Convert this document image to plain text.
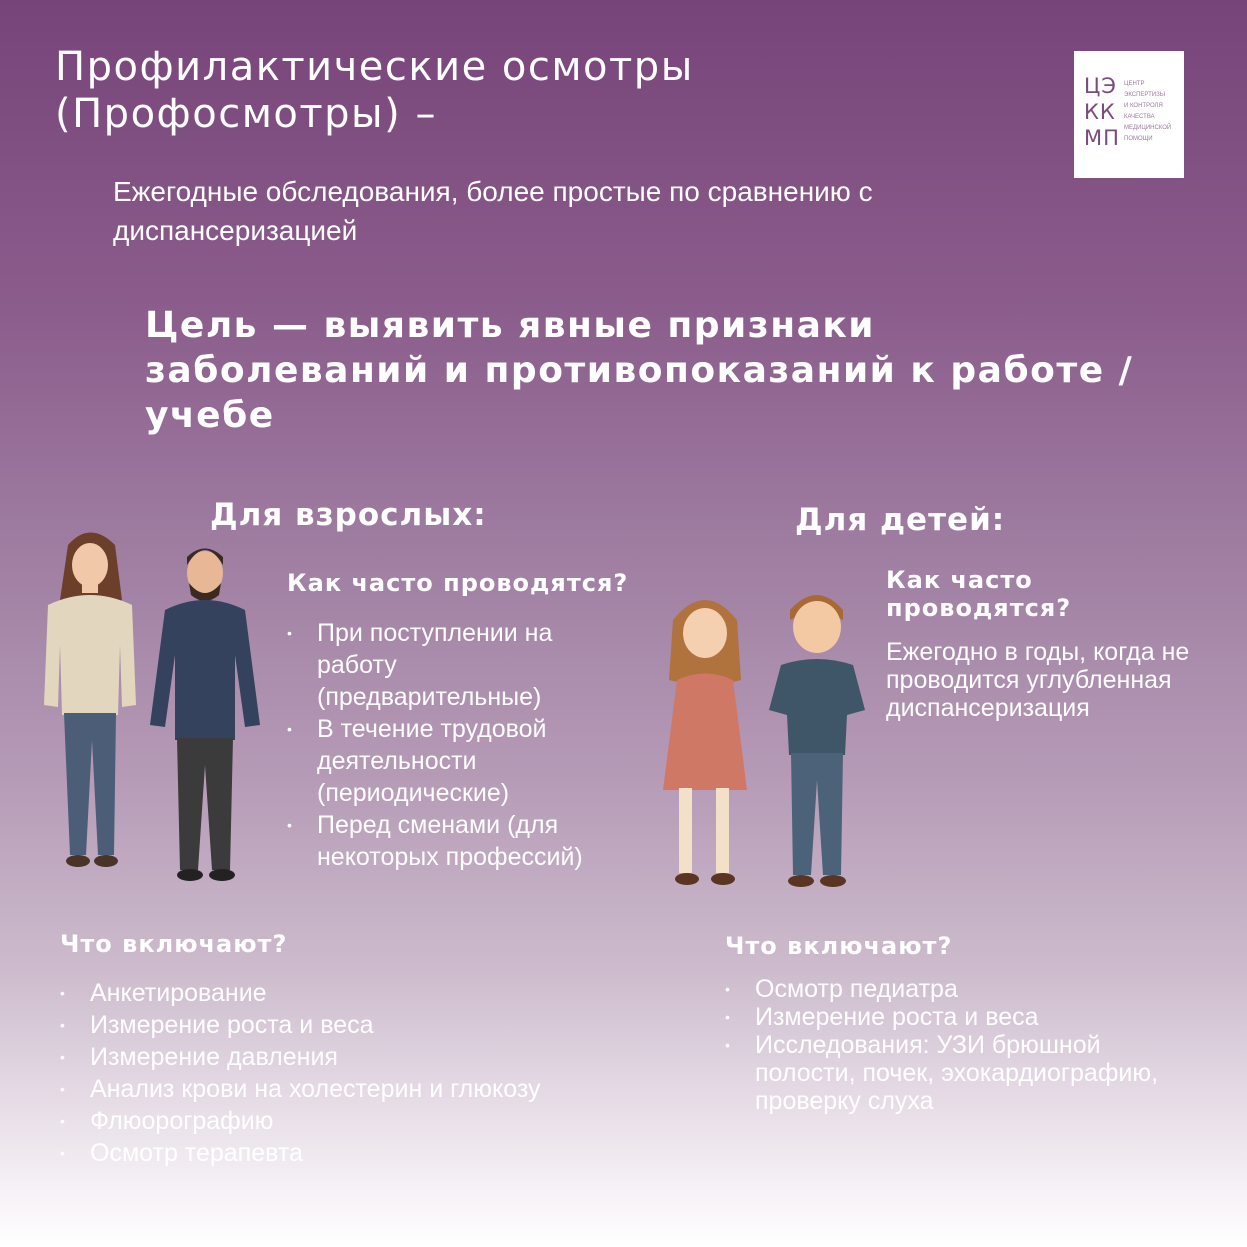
Профилактические осмотры (Профосмотры) –
ЦЭ
КК
МП
ЦЕНТР
ЭКСПЕРТИЗЫ
И КОНТРОЛЯ
КАЧЕСТВА
МЕДИЦИНСКОЙ
ПОМОЩИ
Ежегодные обследования, более простые по сравнению с диспансеризацией
Цель — выявить явные признаки заболеваний и противопоказаний к работе / учебе
Для взрослых:
Как часто проводятся?
• При поступлении на работу (предварительные)
• В течение трудовой деятельности (периодические)
• Перед сменами (для некоторых профессий)
Для детей:
Как часто проводятся?
Ежегодно в годы, когда не проводится углубленная диспансеризация
Что включают?
• Анкетирование
• Измерение роста и веса
• Измерение давления
• Анализ крови на холестерин и глюкозу
• Флюорографию
• Осмотр терапевта
Что включают?
• Осмотр педиатра
• Измерение роста и веса
• Исследования: УЗИ брюшной полости, почек, эхокардиографию, проверку слуха
